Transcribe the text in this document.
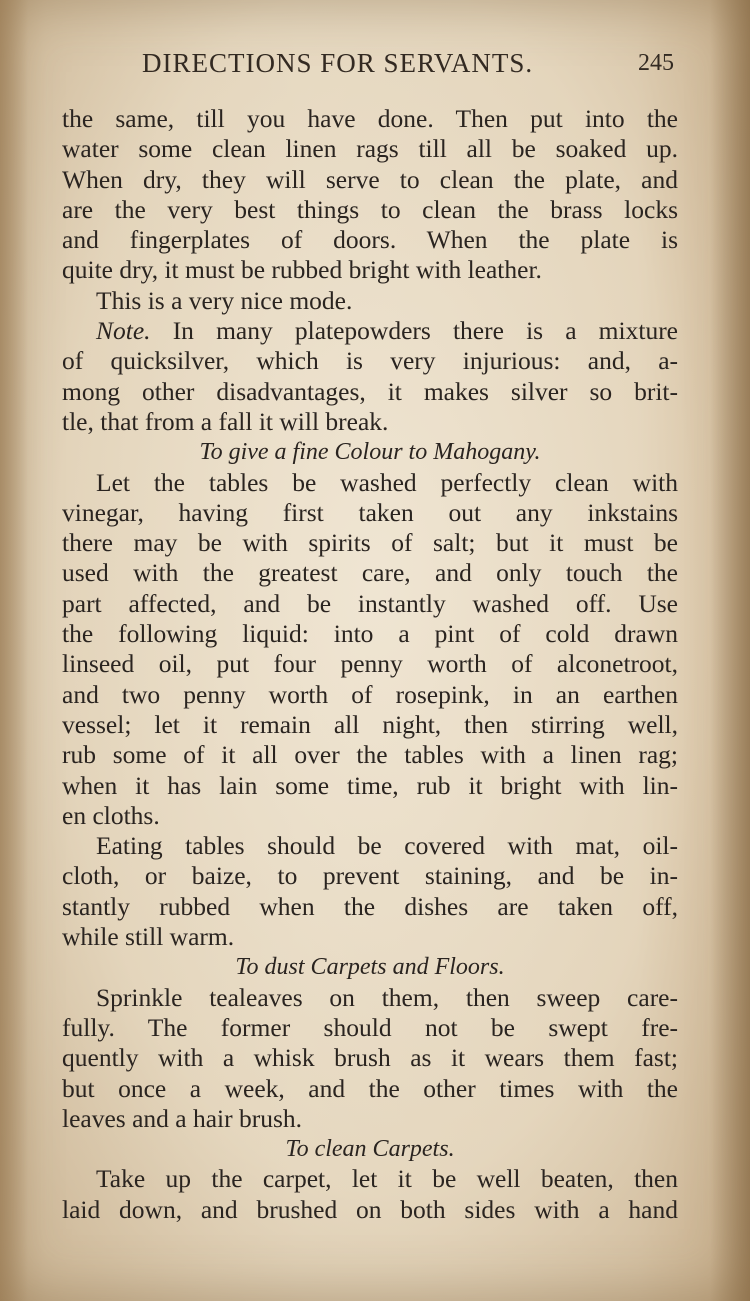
DIRECTIONS FOR SERVANTS.	245
the same, till you have done. Then put into the
water some clean linen rags till all be soaked up.
When dry, they will serve to clean the plate, and
are the very best things to clean the brass locks
and fingerplates of doors. When the plate is
quite dry, it must be rubbed bright with leather.
This is a very nice mode.
Note. In many platepowders there is a mixture
of quicksilver, which is very injurious: and, a-
mong other disadvantages, it makes silver so brit-
tle, that from a fall it will break.
To give a fine Colour to Mahogany.
Let the tables be washed perfectly clean with
vinegar, having first taken out any inkstains
there may be with spirits of salt; but it must be
used with the greatest care, and only touch the
part affected, and be instantly washed off. Use
the following liquid: into a pint of cold drawn
linseed oil, put four penny worth of alconetroot,
and two penny worth of rosepink, in an earthen
vessel; let it remain all night, then stirring well,
rub some of it all over the tables with a linen rag;
when it has lain some time, rub it bright with lin-
en cloths.
Eating tables should be covered with mat, oil-
cloth, or baize, to prevent staining, and be in-
stantly rubbed when the dishes are taken off,
while still warm.
To dust Carpets and Floors.
Sprinkle tealeaves on them, then sweep care-
fully. The former should not be swept fre-
quently with a whisk brush as it wears them fast;
but once a week, and the other times with the
leaves and a hair brush.
To clean Carpets.
Take up the carpet, let it be well beaten, then
laid down, and brushed on both sides with a hand
